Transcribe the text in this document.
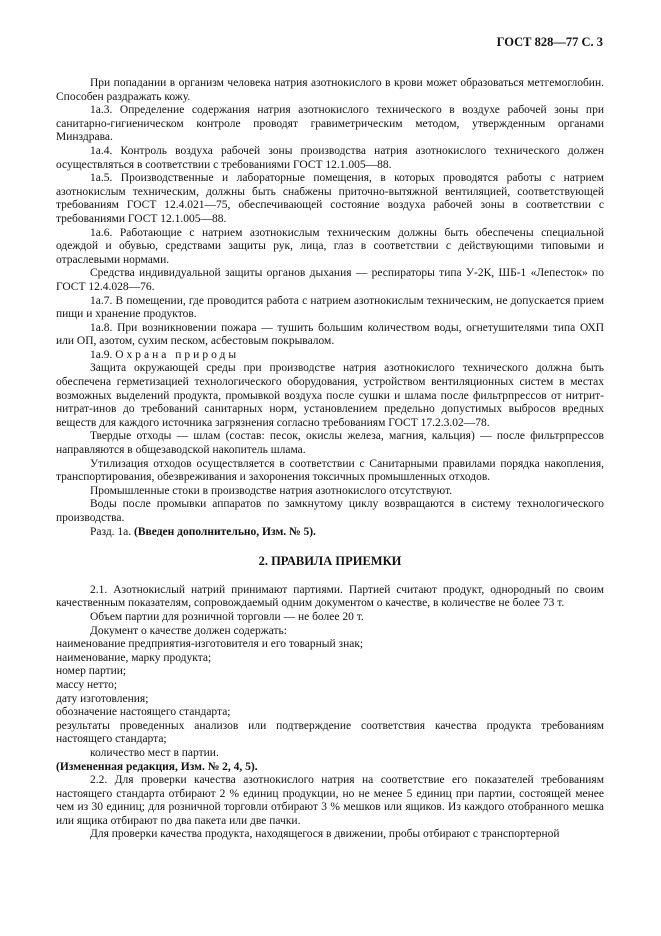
ГОСТ 828—77 С. 3

При попадании в организм человека натрия азотнокислого в крови может образоваться метгемоглобин. Способен раздражать кожу.

1а.3. Определение содержания натрия азотнокислого технического в воздухе рабочей зоны при санитарно-гигиеническом контроле проводят гравиметрическим методом, утвержденным органами Минздрава.

1а.4. Контроль воздуха рабочей зоны производства натрия азотнокислого технического должен осуществляться в соответствии с требованиями ГОСТ 12.1.005—88.

1а.5. Производственные и лабораторные помещения, в которых проводятся работы с натрием азотнокислым техническим, должны быть снабжены приточно-вытяжной вентиляцией, соответствующей требованиям ГОСТ 12.4.021—75, обеспечивающей состояние воздуха рабочей зоны в соответствии с требованиями ГОСТ 12.1.005—88.

1а.6. Работающие с натрием азотнокислым техническим должны быть обеспечены специальной одеждой и обувью, средствами защиты рук, лица, глаз в соответствии с действующими типовыми и отраслевыми нормами.

Средства индивидуальной защиты органов дыхания — респираторы типа У-2К, ШБ-1 «Лепесток» по ГОСТ 12.4.028—76.

1а.7. В помещении, где проводится работа с натрием азотнокислым техническим, не допускается прием пищи и хранение продуктов.

1а.8. При возникновении пожара — тушить большим количеством воды, огнетушителями типа ОХП или ОП, азотом, сухим песком, асбестовым покрывалом.

1а.9. Охрана природы

Защита окружающей среды при производстве натрия азотнокислого технического должна быть обеспечена герметизацией технологического оборудования, устройством вентиляционных систем в местах возможных выделений продукта, промывкой воздуха после сушки и шлама после фильтрпрессов от нитрит-нитрат-инов до требований санитарных норм, установлением предельно допустимых выбросов вредных веществ для каждого источника загрязнения согласно требованиям ГОСТ 17.2.3.02—78.

Твердые отходы — шлам (состав: песок, окислы железа, магния, кальция) — после фильтрпрессов направляются в общезаводской накопитель шлама.

Утилизация отходов осуществляется в соответствии с Санитарными правилами порядка накопления, транспортирования, обезвреживания и захоронения токсичных промышленных отходов.

Промышленные стоки в производстве натрия азотнокислого отсутствуют.

Воды после промывки аппаратов по замкнутому циклу возвращаются в систему технологического производства.

Разд. 1а. (Введен дополнительно, Изм. № 5).

2. ПРАВИЛА ПРИЕМКИ

2.1. Азотнокислый натрий принимают партиями. Партией считают продукт, однородный по своим качественным показателям, сопровождаемый одним документом о качестве, в количестве не более 73 т.

Объем партии для розничной торговли — не более 20 т.

Документ о качестве должен содержать:

наименование предприятия-изготовителя и его товарный знак;

наименование, марку продукта;

номер партии;

массу нетто;

дату изготовления;

обозначение настоящего стандарта;

результаты проведенных анализов или подтверждение соответствия качества продукта требованиям настоящего стандарта;

количество мест в партии.

(Измененная редакция, Изм. № 2, 4, 5).

2.2. Для проверки качества азотнокислого натрия на соответствие его показателей требованиям настоящего стандарта отбирают 2 % единиц продукции, но не менее 5 единиц при партии, состоящей менее чем из 30 единиц; для розничной торговли отбирают 3 % мешков или ящиков. Из каждого отобранного мешка или ящика отбирают по два пакета или две пачки.

Для проверки качества продукта, находящегося в движении, пробы отбирают с транспортерной
